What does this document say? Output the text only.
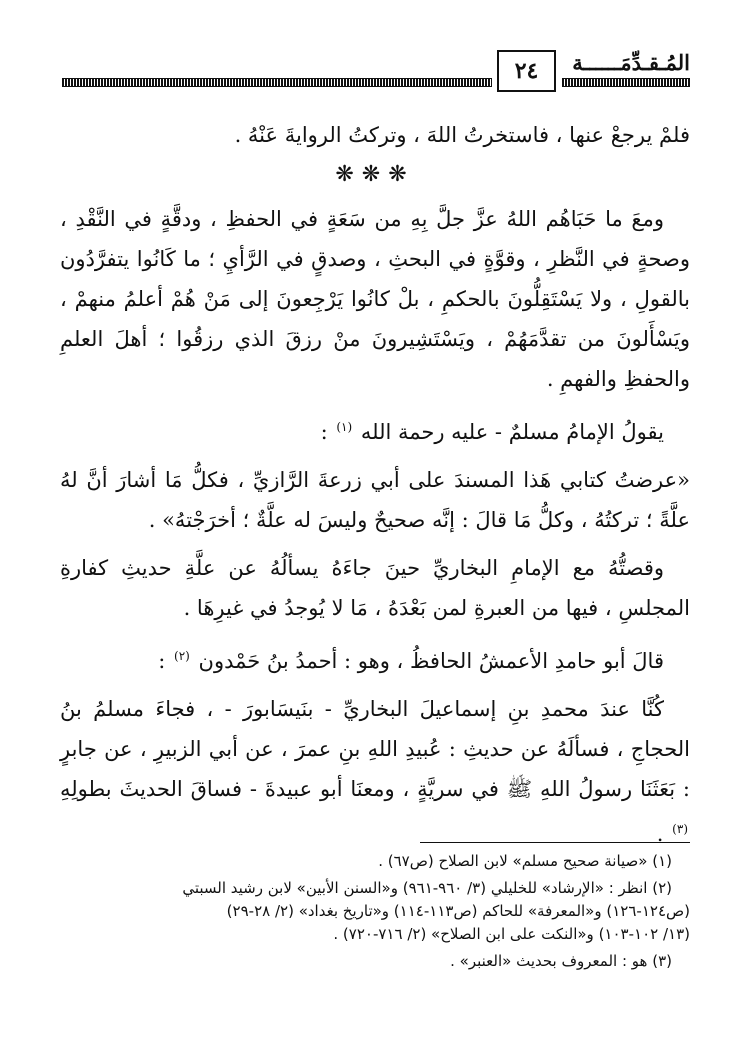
المُـقـدِّمَــــــة
٢٤

فلمْ يرجعْ عنها ، فاستخرتُ اللهَ ، وتركتُ الروايةَ عَنْهُ .

❋❋❋

ومعَ ما حَبَاهُم اللهُ عزَّ جلَّ بِهِ من سَعَةٍ في الحفظِ ، ودقَّةٍ في النَّقْدِ ، وصحةٍ في النَّظرِ ، وقوَّةٍ في البحثِ ، وصدقٍ في الرَّأيِ ؛ ما كَانُوا يتفرَّدُون بالقولِ ، ولا يَسْتَقِلُّونَ بالحكمِ ، بلْ كانُوا يَرْجِعونَ إلى مَنْ هُمْ أعلمُ منهمْ ، ويَسْأَلونَ من تقدَّمَهُمْ ، ويَسْتَشِيرونَ منْ رزقَ الذي رزقُوا ؛ أهلَ العلمِ والحفظِ والفهمِ .

يقولُ الإمامُ مسلمٌ - عليه رحمة الله $^{(١)}$ :

«عرضتُ كتابي هَذا المسندَ على أبي زرعةَ الرَّازيِّ ، فكلُّ مَا أشارَ أنَّ لهُ علَّةً ؛ تركتُهُ ، وكلُّ مَا قالَ : إنَّه صحيحٌ وليسَ له علَّةٌ ؛ أخرَجْتهُ» .

وقصتُّهُ مع الإمامِ البخاريِّ حينَ جاءَهُ يسألُهُ عن علَّةِ حديثِ كفارةِ المجلسِ ، فيها من العبرةِ لمن بَعْدَهُ ، مَا لا يُوجدُ في غيرِهَا .

قالَ أبو حامدِ الأعمشُ الحافظُ ، وهو : أحمدُ بنُ حَمْدون $^{(٢)}$ :

كُنَّا عندَ محمدِ بنِ إسماعيلَ البخاريِّ - بنَيسَابورَ - ، فجاءَ مسلمُ بنُ الحجاجِ ، فسألَهُ عن حديثِ : عُبيدِ اللهِ بنِ عمرَ ، عن أبي الزبيرِ ، عن جابرٍ : بَعَثَنَا رسولُ اللهِ ﷺ في سريَّةٍ ، ومعنَا أبو عبيدةَ - فساقَ الحديثَ بطولِهِ $^{(٣)}$ .

(١) «صيانة صحيح مسلم» لابن الصلاح (ص٦٧) .

(٢) انظر : «الإرشاد» للخليلي (٣/ ٩٦٠-٩٦١) و«السنن الأبين» لابن رشيد السبتي

(ص١٢٤-١٢٦) و«المعرفة» للحاكم (ص١١٣-١١٤) و«تاريخ بغداد» (٢/ ٢٨-٢٩)

(١٣/ ١٠٢-١٠٣) و«النكت على ابن الصلاح» (٢/ ٧١٦-٧٢٠) .

(٣) هو : المعروف بحديث «العنبر» .
